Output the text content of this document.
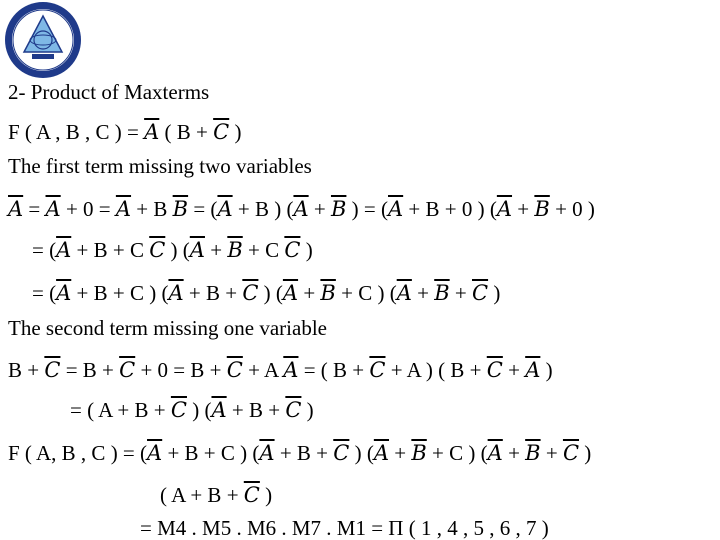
2- Product of Maxterms
F ( A , B , C ) = $\overline{A}$ ( $B + \overline{C}$ )
The first term missing two variables
$\overline{A} = \overline{A} + 0 = \overline{A} + B$ $\overline{B} = (\overline{A} + B$ ) ($\overline{A} + \overline{B}$ ) = ($\overline{A} + B + 0$ ) ($\overline{A} + \overline{B} + 0$ )
= ($\overline{A} + B + C$ $\overline{C}$ ) ($\overline{A} + \overline{B} + C$ $\overline{C}$ )
= ($\overline{A} + B + C$ ) ($\overline{A} + B + \overline{C}$ ) ($\overline{A} + \overline{B} + C$ ) ($\overline{A} + \overline{B} + \overline{C}$ )
The second term missing one variable
$B + \overline{C} = B + \overline{C} + 0 = B + \overline{C} + A$ $\overline{A}$ = ( $B + \overline{C} + A$ ) ( $B + \overline{C} + \overline{A}$ )
= ( $A + B + \overline{C}$ ) ($\overline{A} + B + \overline{C}$ )
F ( A, B , C ) = ($\overline{A} + B + C$ ) ($\overline{A} + B + \overline{C}$ ) ($\overline{A} + \overline{B} + C$ ) ($\overline{A} + \overline{B} + \overline{C}$ )
( $A + B + \overline{C}$ )
= M4 . M5 . M6 . M7 . M1 = Π ( 1 , 4 , 5 , 6 , 7 )
